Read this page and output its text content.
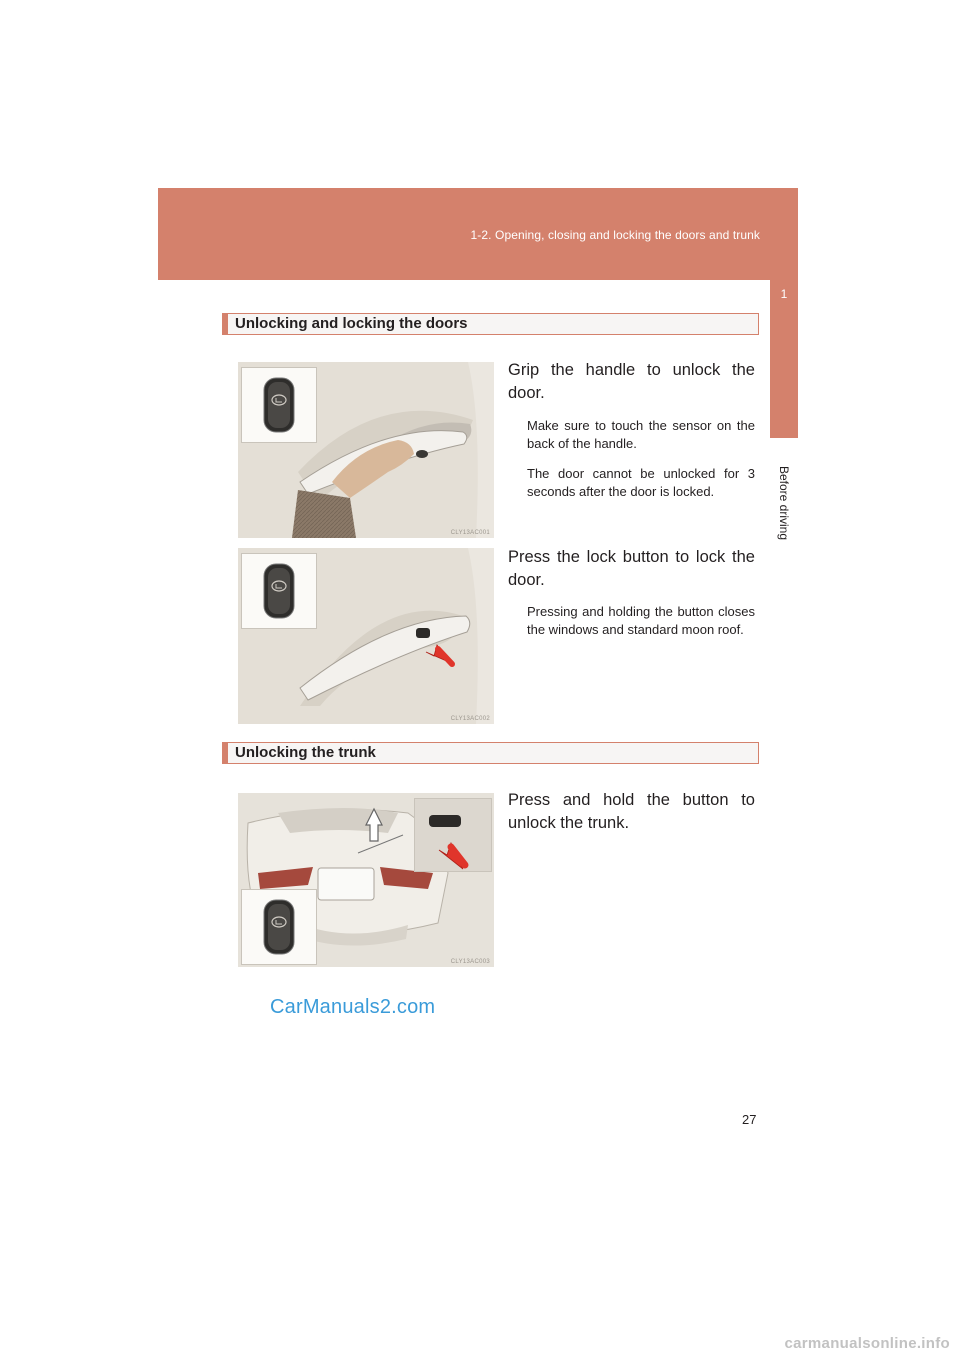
1-2. Opening, closing and locking the doors and trunk
1
Before driving
Unlocking and locking the doors
CLY13AC001
Grip the handle to unlock the door.
Make sure to touch the sensor on the back of the handle.
The door cannot be unlocked for 3 seconds after the door is locked.
CLY13AC002
Press the lock button to lock the door.
Pressing and holding the button closes the windows and standard moon roof.
Unlocking the trunk
CLY13AC003
Press and hold the button to unlock the trunk.
CarManuals2.com
27
carmanualsonline.info
